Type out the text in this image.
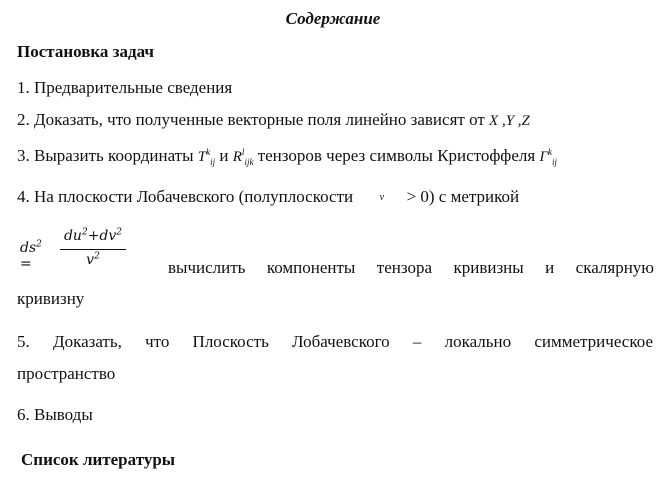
Содержание
Постановка задач
1. Предварительные сведения
2. Доказать, что полученные векторные поля линейно зависят от X ,Y ,Z
3. Выразить координаты $T^k_{ij}$ и $R^l_{ijk}$ тензоров через символы Кристоффеля $\Gamma^k_{ij}$
4. На плоскости Лобачевского (полуплоскости	v > 0) с метрикой
$ds^2$ =
$du^2+dv^2$
$v^2$
вычислить компоненты тензора кривизны и скалярную
кривизну
5. Доказать, что Плоскость Лобачевского – локально симметрическое
пространство
6. Выводы
Список литературы
